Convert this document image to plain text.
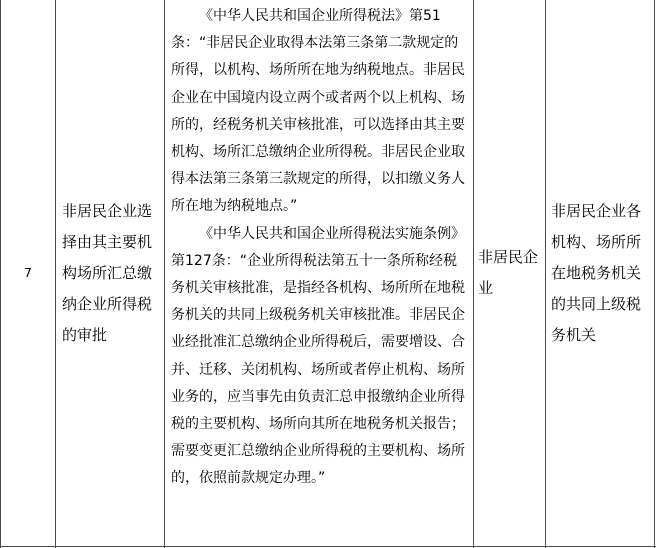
7
非居民企业选择由其主要机构场所汇总缴纳企业所得税的审批

《中华人民共和国企业所得税法》第51条：“非居民企业取得本法第三条第二款规定的所得，以机构、场所所在地为纳税地点。非居民企业在中国境内设立两个或者两个以上机构、场所的，经税务机关审核批准，可以选择由其主要机构、场所汇总缴纳企业所得税。非居民企业取得本法第三条第三款规定的所得，以扣缴义务人所在地为纳税地点。”

《中华人民共和国企业所得税法实施条例》第127条：“企业所得税法第五十一条所称经税务机关审核批准，是指经各机构、场所所在地税务机关的共同上级税务机关审核批准。非居民企业经批准汇总缴纳企业所得税后，需要增设、合并、迁移、关闭机构、场所或者停止机构、场所业务的，应当事先由负责汇总申报缴纳企业所得税的主要机构、场所向其所在地税务机关报告；需要变更汇总缴纳企业所得税的主要机构、场所的，依照前款规定办理。”

非居民企业
非居民企业各机构、场所所在地税务机关的共同上级税务机关
